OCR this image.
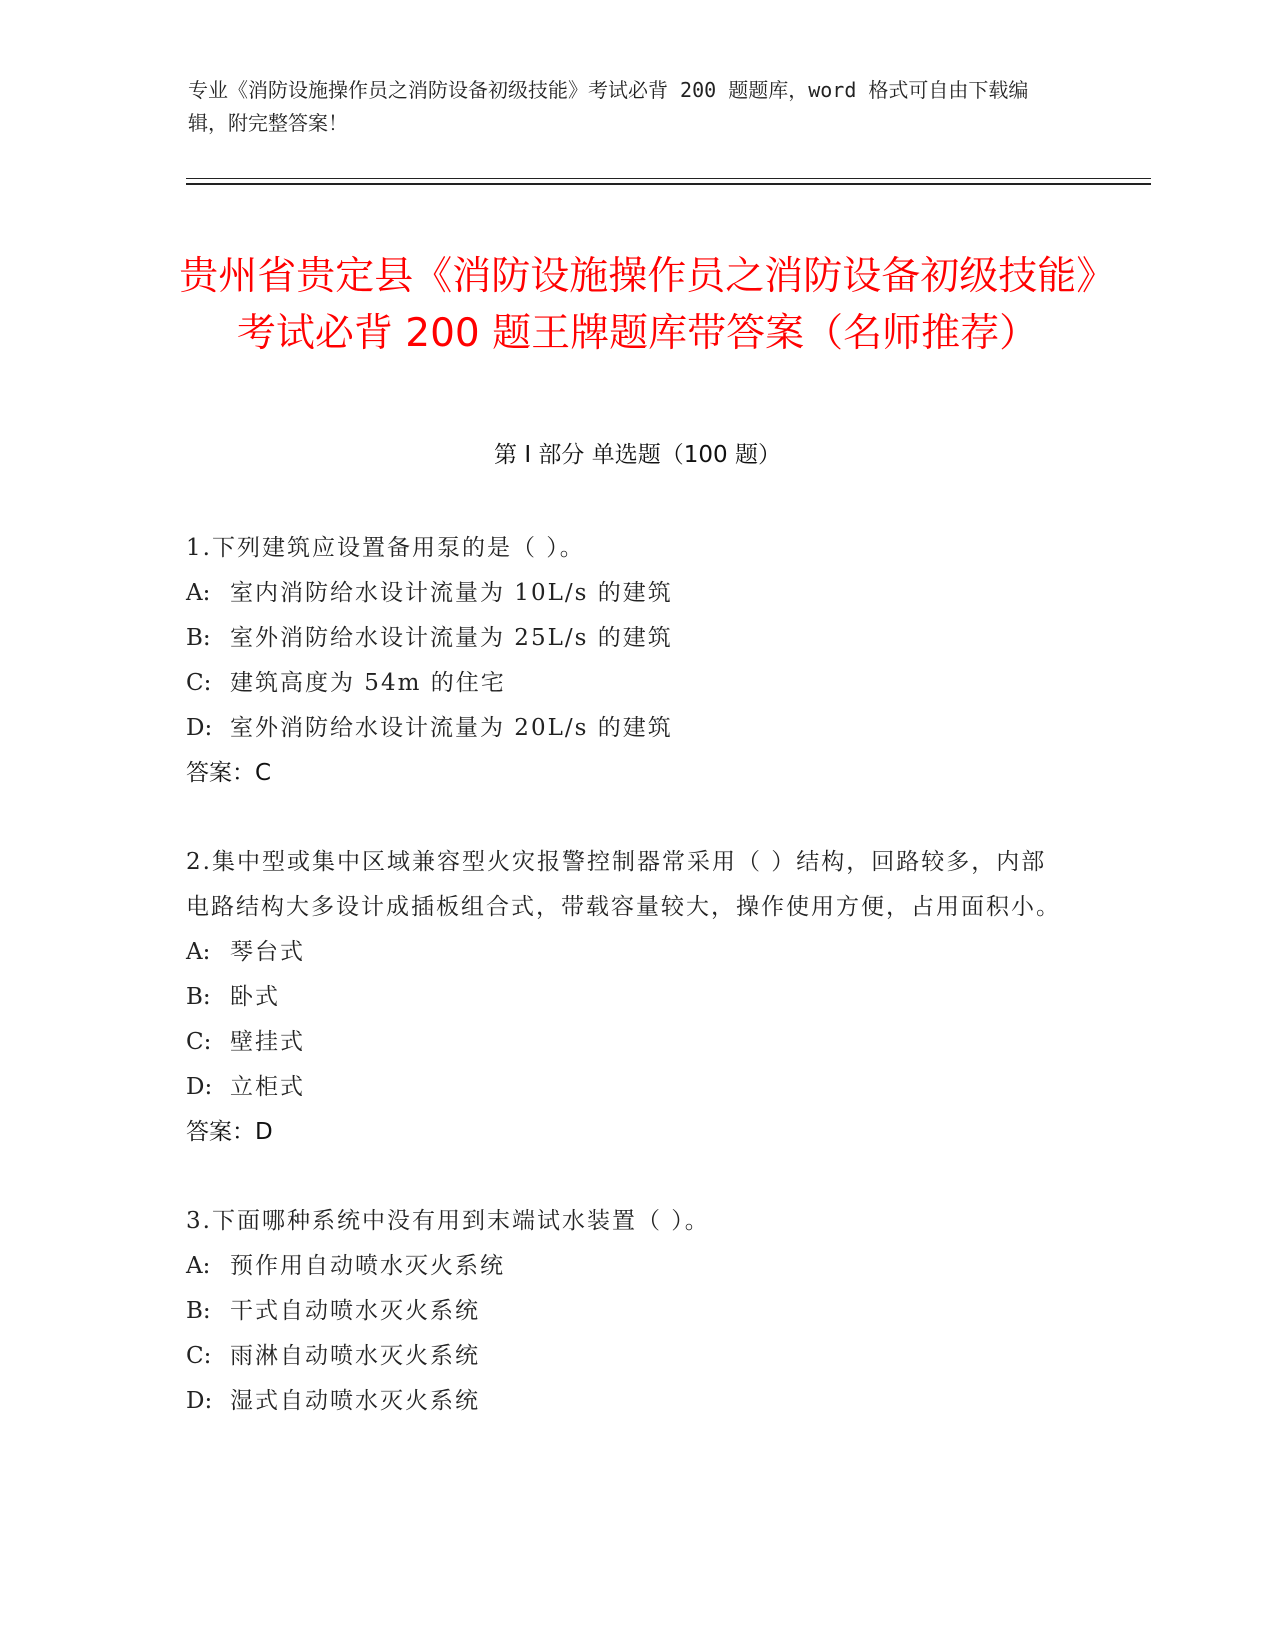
专业《消防设施操作员之消防设备初级技能》考试必背 200 题题库，word 格式可自由下载编辑，附完整答案！
贵州省贵定县《消防设施操作员之消防设备初级技能》考试必背 200 题王牌题库带答案（名师推荐）
第 I 部分 单选题（100 题）
1.下列建筑应设置备用泵的是（ ）。
A: 室内消防给水设计流量为 10L/s 的建筑
B: 室外消防给水设计流量为 25L/s 的建筑
C: 建筑高度为 54m 的住宅
D: 室外消防给水设计流量为 20L/s 的建筑
答案：C
2.集中型或集中区域兼容型火灾报警控制器常采用（ ）结构，回路较多，内部电路结构大多设计成插板组合式，带载容量较大，操作使用方便，占用面积小。
A: 琴台式
B: 卧式
C: 壁挂式
D: 立柜式
答案：D
3.下面哪种系统中没有用到末端试水装置（ ）。
A: 预作用自动喷水灭火系统
B: 干式自动喷水灭火系统
C: 雨淋自动喷水灭火系统
D: 湿式自动喷水灭火系统
